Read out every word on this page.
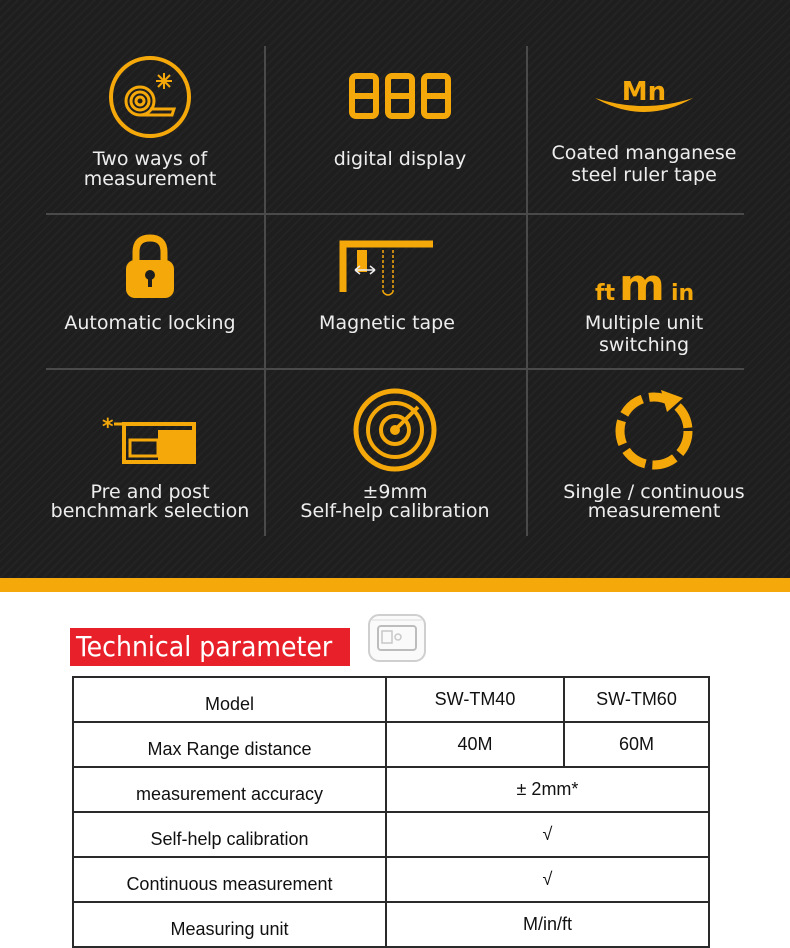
Two ways of
measurement
digital display
Mn
Coated manganese
steel ruler tape
Automatic locking	Magnetic tape
ft m in
Multiple unit
switching
*
Pre and post
benchmark selection
±9mm
Self-help calibration
Single / continuous
measurement
Technical parameter
Model	SW-TM40	SW-TM60
Max Range distance	40M	60M
measurement accuracy	± 2mm*	
Self-help calibration	√	
Continuous measurement	√	
Measuring unit	M/in/ft	
